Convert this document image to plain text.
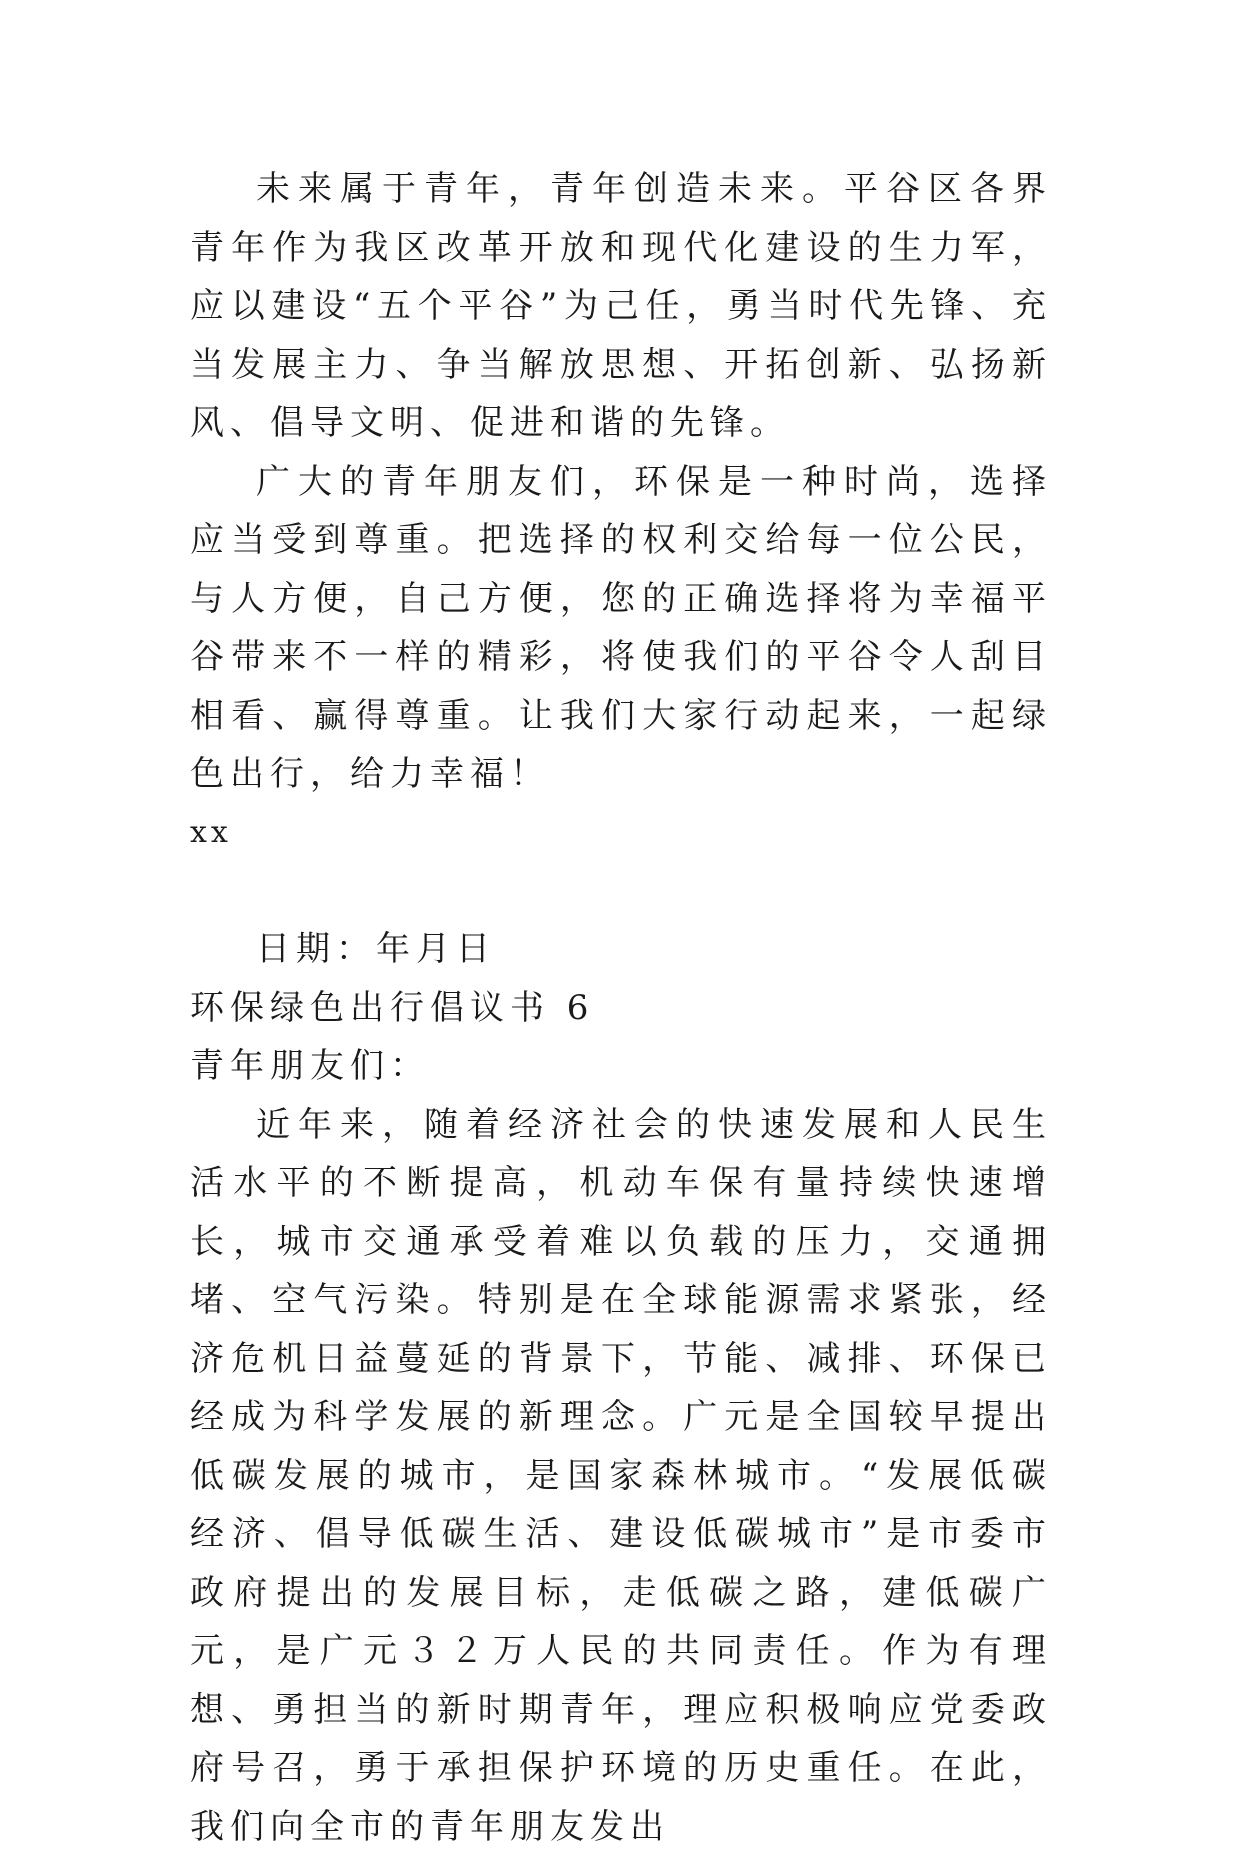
未来属于青年，青年创造未来。平谷区各界青年作为我区改革开放和现代化建设的生力军，应以建设“五个平谷”为己任，勇当时代先锋、充当发展主力、争当解放思想、开拓创新、弘扬新风、倡导文明、促进和谐的先锋。

广大的青年朋友们，环保是一种时尚，选择应当受到尊重。把选择的权利交给每一位公民，与人方便，自己方便，您的正确选择将为幸福平谷带来不一样的精彩，将使我们的平谷令人刮目相看、赢得尊重。让我们大家行动起来，一起绿色出行，给力幸福！

xx

日期：年月日

环保绿色出行倡议书 6

青年朋友们：

近年来，随着经济社会的快速发展和人民生活水平的不断提高，机动车保有量持续快速增长，城市交通承受着难以负载的压力，交通拥堵、空气污染。特别是在全球能源需求紧张，经济危机日益蔓延的背景下，节能、减排、环保已经成为科学发展的新理念。广元是全国较早提出低碳发展的城市，是国家森林城市。“发展低碳经济、倡导低碳生活、建设低碳城市”是市委市政府提出的发展目标，走低碳之路，建低碳广元，是广元３２万人民的共同责任。作为有理想、勇担当的新时期青年，理应积极响应党委政府号召，勇于承担保护环境的历史重任。在此，我们向全市的青年朋友发出
